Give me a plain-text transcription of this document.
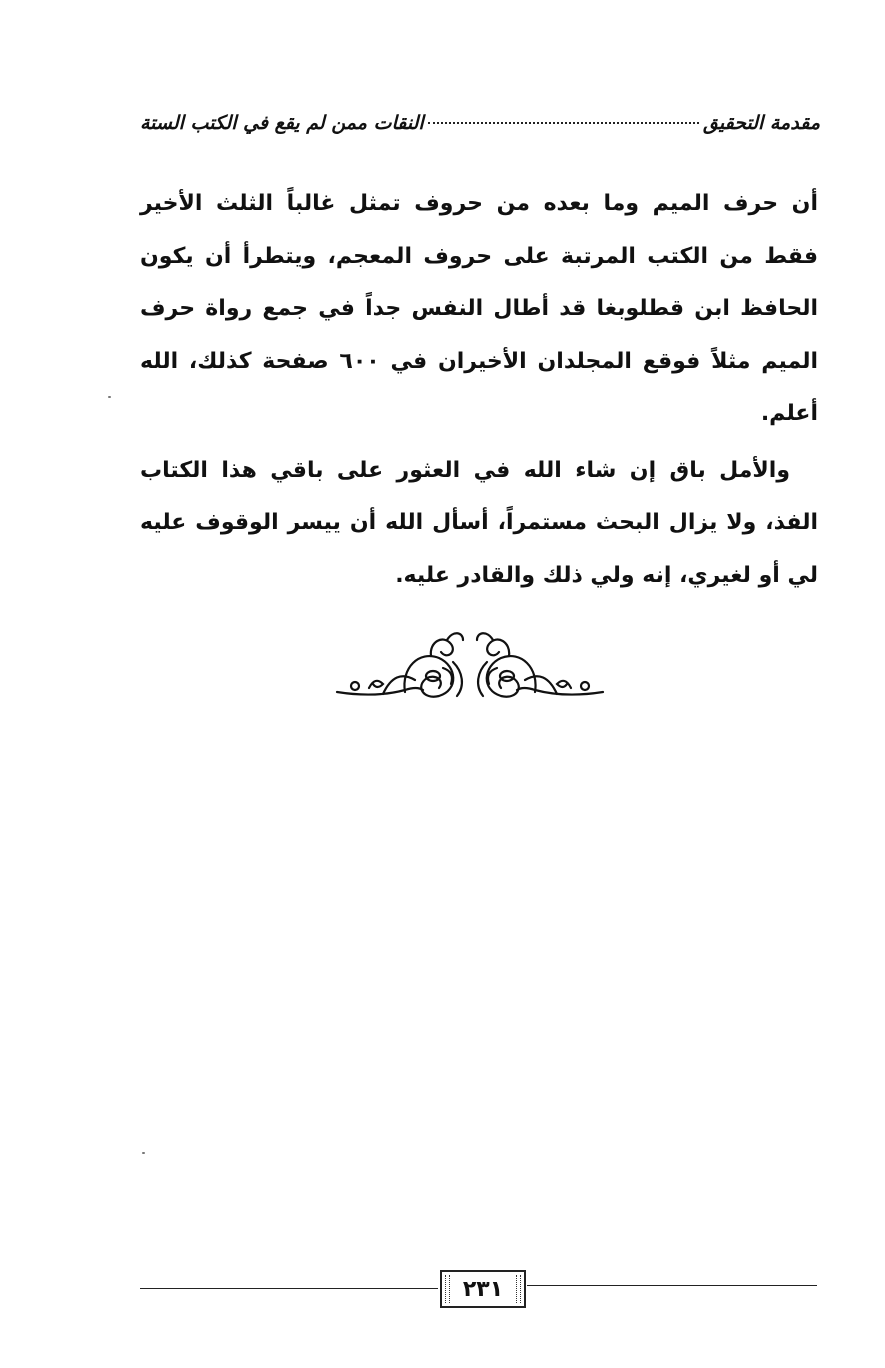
مقدمة التحقيق
النقات ممن لم يقع في الكتب الستة

أن حرف الميم وما بعده من حروف تمثل غالباً الثلث الأخير فقط من الكتب المرتبة على حروف المعجم، ويتطرأ أن يكون الحافظ ابن قطلوبغا قد أطال النفس جداً في جمع رواة حرف الميم مثلاً فوقع المجلدان الأخيران في ٦٠٠ صفحة كذلك، الله أعلم.

والأمل باق إن شاء الله في العثور على باقي هذا الكتاب الفذ، ولا يزال البحث مستمراً، أسأل الله أن ييسر الوقوف عليه لي أو لغيري، إنه ولي ذلك والقادر عليه.

٢٣١
